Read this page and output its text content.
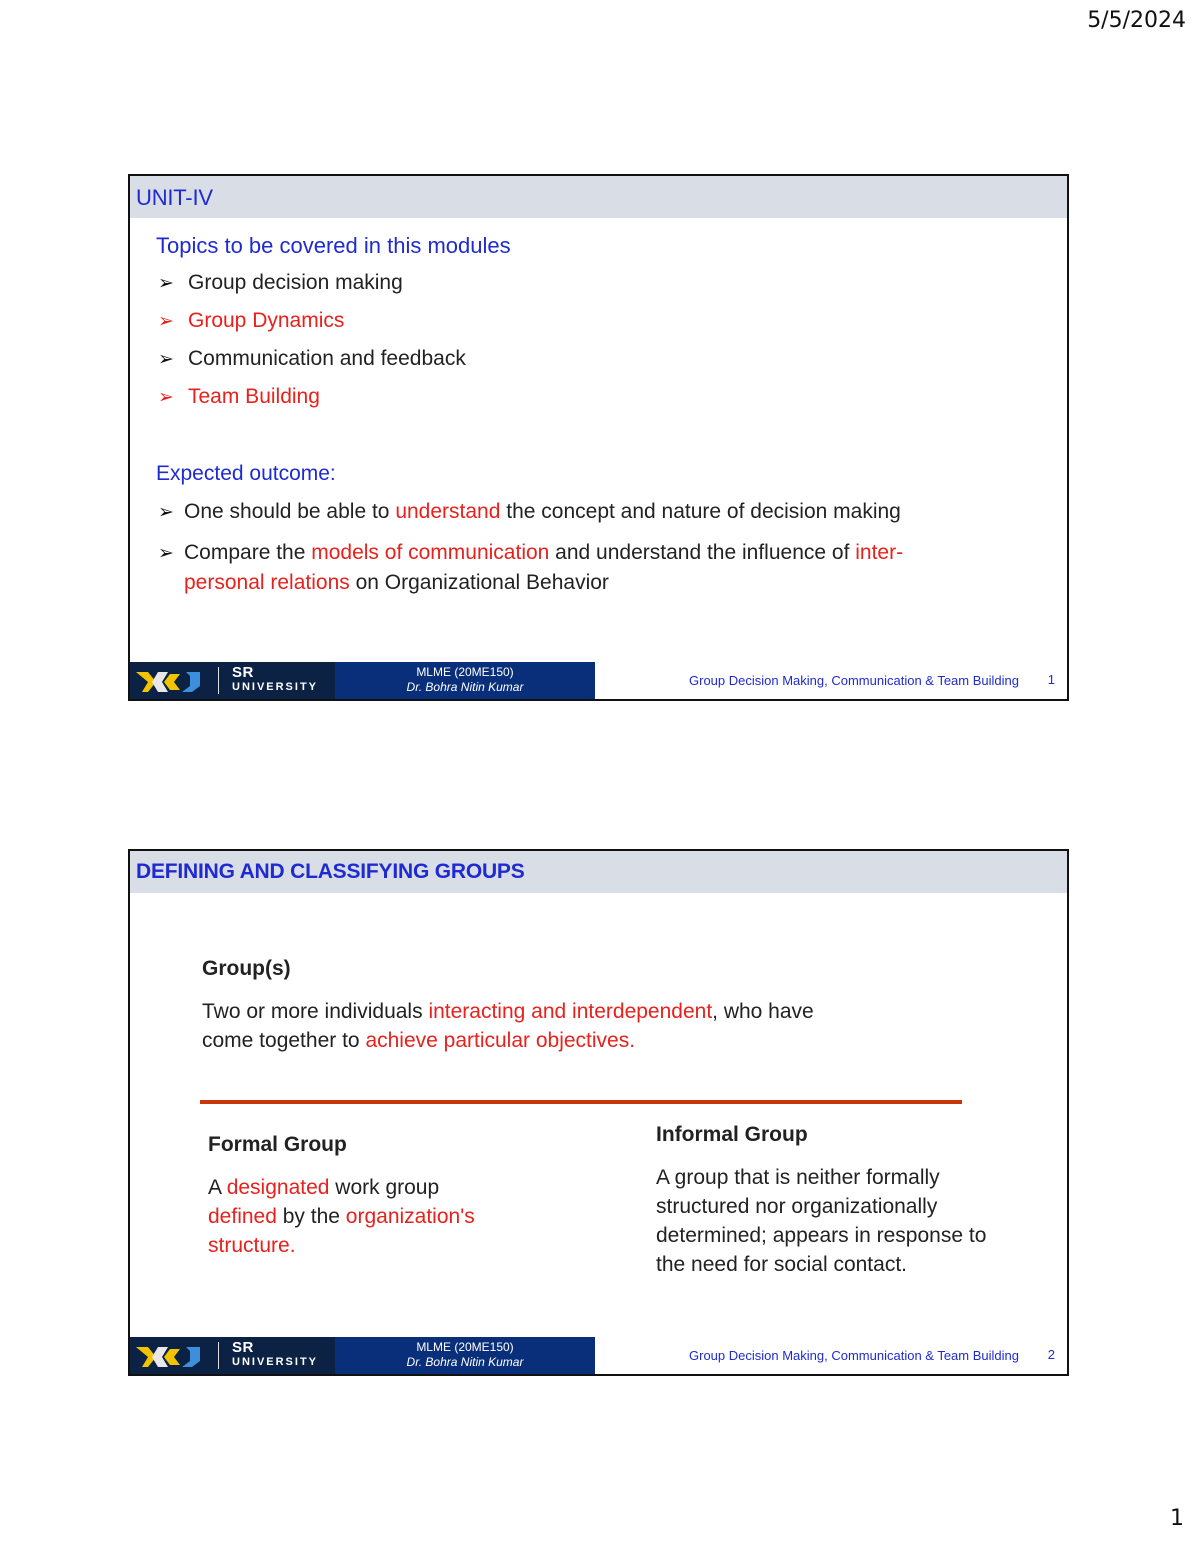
5/5/2024
UNIT-IV
Topics to be covered in this modules
➢ Group decision making
➢ Group Dynamics
➢ Communication and feedback
➢ Team Building
Expected outcome:
➢ One should be able to understand the concept and nature of decision making
➢ Compare the models of communication and understand the influence of inter-
personal relations on Organizational Behavior
SR
UNIVERSITY
MLME (20ME150)
Dr. Bohra Nitin Kumar	Group Decision Making, Communication & Team Building 1
DEFINING AND CLASSIFYING GROUPS
Group(s)
Two or more individuals interacting and interdependent, who have
come together to achieve particular objectives.
Formal Group
A designated work group
defined by the organization's
structure.
Informal Group
A group that is neither formally structured nor organizationally determined; appears in response to the need for social contact.
SR
UNIVERSITY
MLME (20ME150)
Dr. Bohra Nitin Kumar	Group Decision Making, Communication & Team Building 2
1
